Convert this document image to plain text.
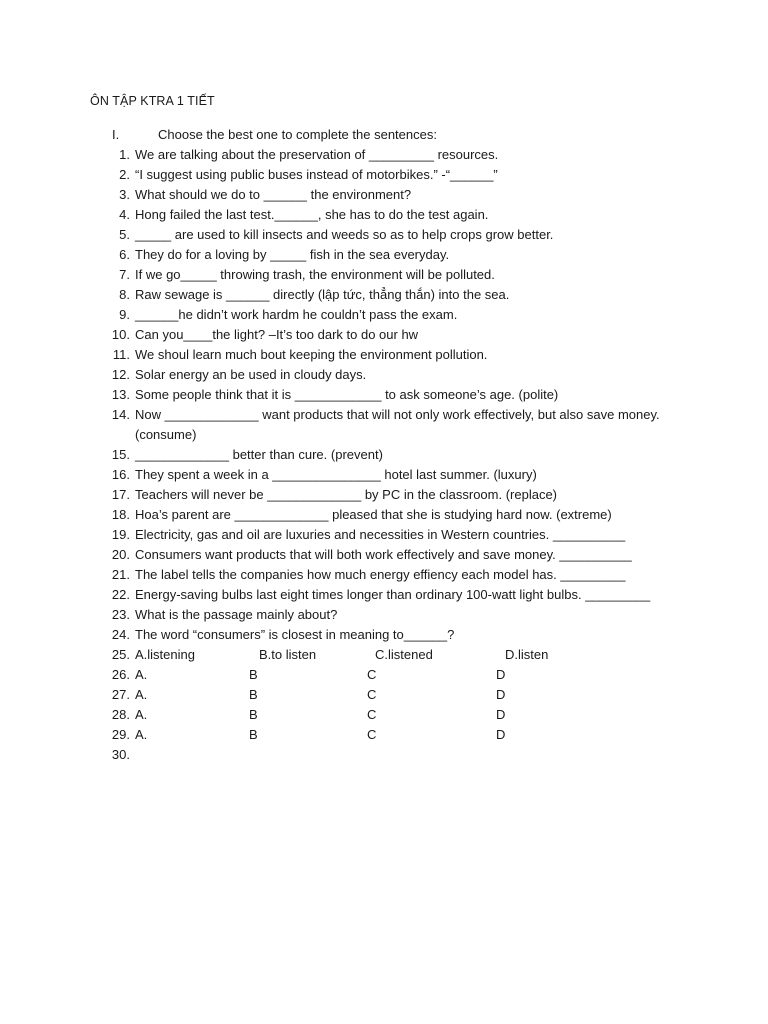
ÔN TẬP KTRA 1 TIẾT
I.	Choose the best one to complete the sentences:
1. We are talking about the preservation of _________ resources.
2. “I suggest using public buses instead of motorbikes.” -“______”
3. What should we do to ______ the environment?
4. Hong failed the last test.______, she has to do the test again.
5. _____ are used to kill insects and weeds so as to help crops grow better.
6. They do for a loving by _____ fish in the sea everyday.
7. If we go_____ throwing trash, the environment will be polluted.
8. Raw sewage is ______ directly (lập tức, thẳng thắn) into the sea.
9. ______he didn’t work hardm he couldn’t pass the exam.
10. Can you____the light? –It’s too dark to do our hw
11. We shoul learn much bout keeping the environment pollution.
12. Solar energy an be used in cloudy days.
13. Some people think that it is ____________ to ask someone’s age. (polite)
14. Now _____________ want products that will not only work effectively, but also save money.
(consume)
15. _____________ better than cure. (prevent)
16. They spent a week in a _______________ hotel last summer. (luxury)
17. Teachers will never be _____________ by PC in the classroom. (replace)
18. Hoa’s parent are _____________ pleased that she is studying hard now. (extreme)
19. Electricity, gas and oil are luxuries and necessities in Western countries. __________
20. Consumers want products that will both work effectively and save money. __________
21. The label tells the companies how much energy effiency each model has. _________
22. Energy-saving bulbs last eight times longer than ordinary 100-watt light bulbs. _________
23. What is the passage mainly about?
24. The word “consumers” is closest in meaning to______?
25. A.listening	B.to listen	C.listened	D.listen
26. A.	B	C	D
27. A.	B	C	D
28. A.	B	C	D
29. A.	B	C	D
30.
